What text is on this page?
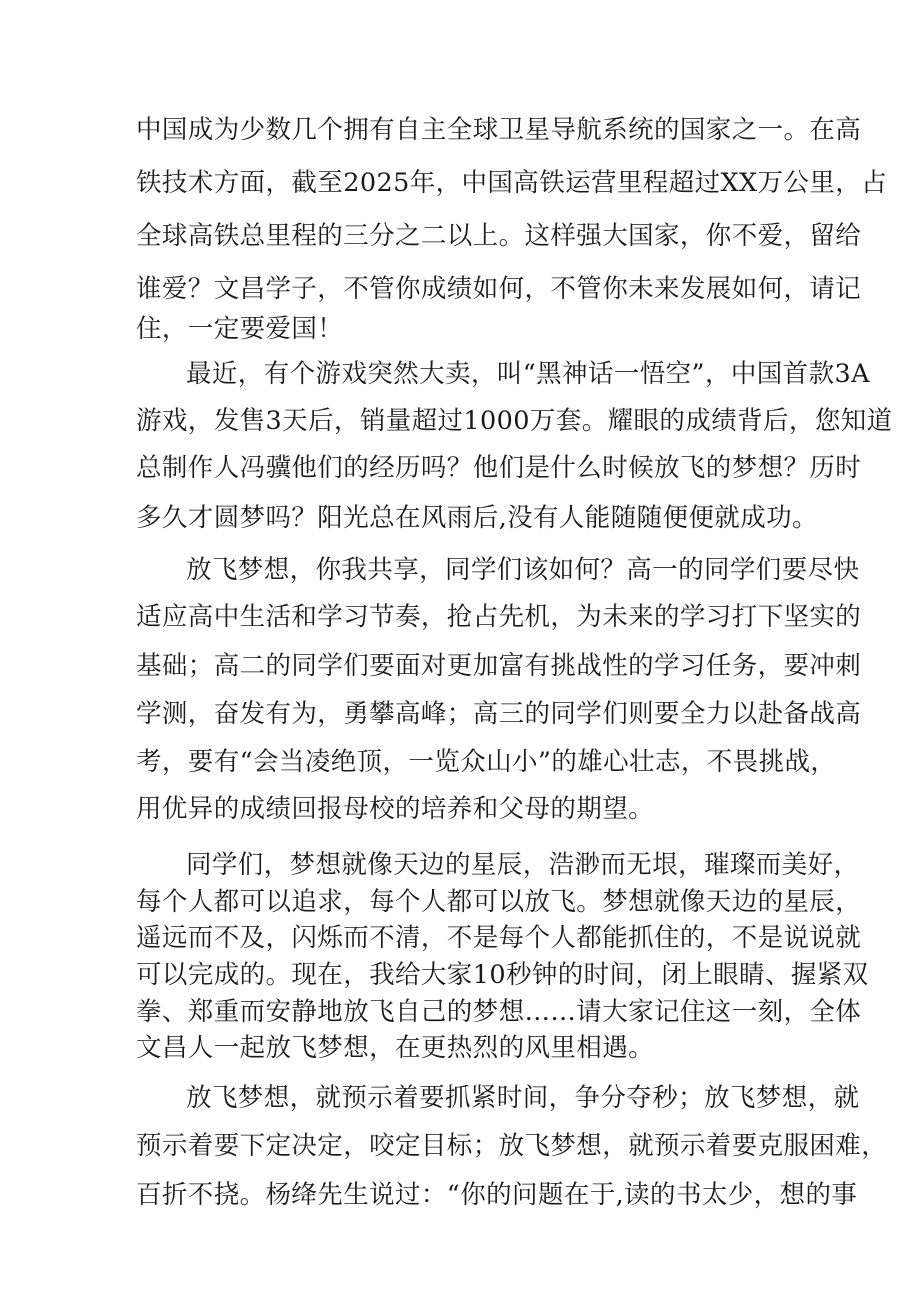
中国成为少数几个拥有自主全球卫星导航系统的国家之一。在高
铁技术方面，截至2025年，中国高铁运营里程超过XX万公里，占
全球高铁总里程的三分之二以上。这样强大国家，你不爱，留给
谁爱？文昌学子，不管你成绩如何，不管你未来发展如何，请记
住，一定要爱国！
最近，有个游戏突然大卖，叫“黑神话一悟空”，中国首款3A
游戏，发售3天后，销量超过1000万套。耀眼的成绩背后，您知道
总制作人冯骥他们的经历吗？他们是什么时候放飞的梦想？历时
多久才圆梦吗？阳光总在风雨后,没有人能随随便便就成功。
放飞梦想，你我共享，同学们该如何？高一的同学们要尽快
适应高中生活和学习节奏，抢占先机，为未来的学习打下坚实的
基础；高二的同学们要面对更加富有挑战性的学习任务，要冲刺
学测，奋发有为，勇攀高峰；高三的同学们则要全力以赴备战高
考，要有“会当凌绝顶，一览众山小”的雄心壮志，不畏挑战，
用优异的成绩回报母校的培养和父母的期望。
同学们，梦想就像天边的星辰，浩渺而无垠，璀璨而美好，
每个人都可以追求，每个人都可以放飞。梦想就像天边的星辰，
遥远而不及，闪烁而不清，不是每个人都能抓住的，不是说说就
可以完成的。现在，我给大家10秒钟的时间，闭上眼睛、握紧双
拳、郑重而安静地放飞自己的梦想……请大家记住这一刻，全体
文昌人一起放飞梦想，在更热烈的风里相遇。
放飞梦想，就预示着要抓紧时间，争分夺秒；放飞梦想，就
预示着要下定决定，咬定目标；放飞梦想，就预示着要克服困难，
百折不挠。杨绛先生说过：“你的问题在于,读的书太少，想的事
